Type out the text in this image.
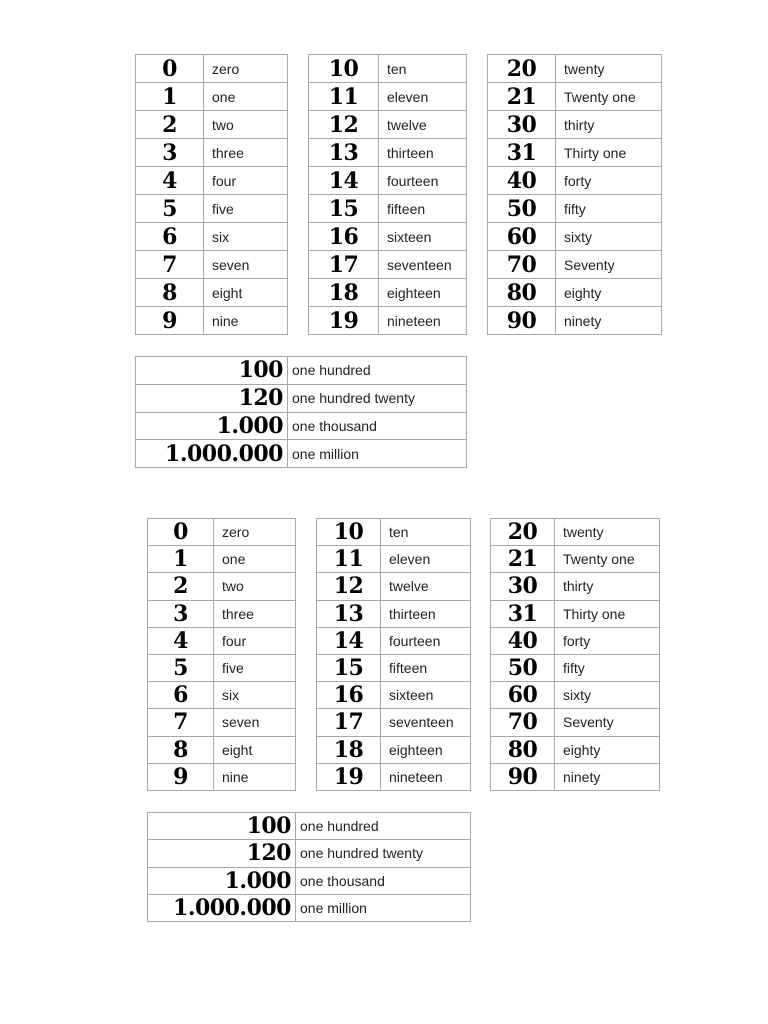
0	zero
1	one
2	two
3	three
4	four
5	five
6	six
7	seven
8	eight
9	nine
10	ten
11	eleven
12	twelve
13	thirteen
14	fourteen
15	fifteen
16	sixteen
17	seventeen
18	eighteen
19	nineteen
20	twenty
21	Twenty one
30	thirty
31	Thirty one
40	forty
50	fifty
60	sixty
70	Seventy
80	eighty
90	ninety
100	one hundred
120	one hundred twenty
1.000	one thousand
1.000.000	one million
0	zero
1	one
2	two
3	three
4	four
5	five
6	six
7	seven
8	eight
9	nine
10	ten
11	eleven
12	twelve
13	thirteen
14	fourteen
15	fifteen
16	sixteen
17	seventeen
18	eighteen
19	nineteen
20	twenty
21	Twenty one
30	thirty
31	Thirty one
40	forty
50	fifty
60	sixty
70	Seventy
80	eighty
90	ninety
100	one hundred
120	one hundred twenty
1.000	one thousand
1.000.000	one million
